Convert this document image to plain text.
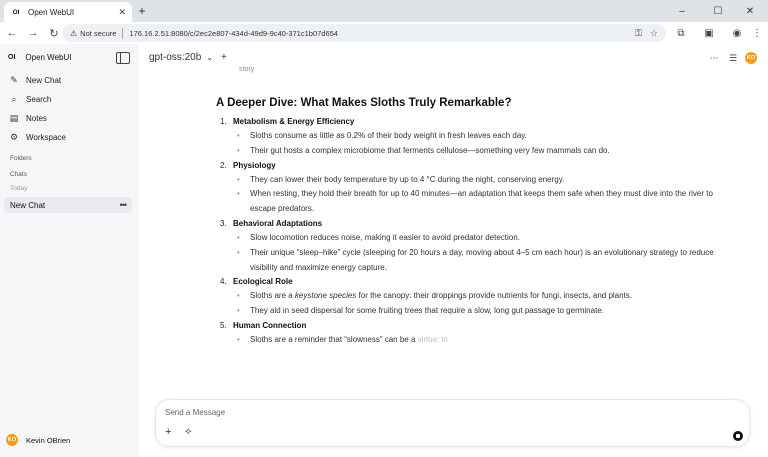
OI	Open WebUI	✕	+	–	☐	✕
← → ↻	⚠ Not secure 176.16.2.51:8080/c/2ec2e807-434d-49d9-9c40-371c1b07d654	⚿ ☆	⧉	▣	◉	⋮
OI Open WebUI
✎ New Chat
⌕	Search
▤ Notes
⚙ Workspace
Folders
Chats
Today
New Chat	•••
KO Kevin OBrien
gpt-oss:20b ⌄ +
story
⋯	☰	KO
A Deeper Dive: What Makes Sloths Truly Remarkable?
1. Metabolism & Energy Efficiency
• Sloths consume as little as 0.2% of their body weight in fresh leaves each day.
• Their gut hosts a complex microbiome that ferments cellulose—something very few mammals can do.
2. Physiology
• They can lower their body temperature by up to 4 °C during the night, conserving energy.
• When resting, they hold their breath for up to 40 minutes—an adaptation that keeps them safe when they must dive into the river to escape predators.
3. Behavioral Adaptations
• Slow locomotion reduces noise, making it easier to avoid predator detection.
• Their unique “sleep–hike” cycle (sleeping for 20 hours a day, moving about 4–5 cm each hour) is an evolutionary strategy to reduce visibility and maximize energy capture.
4. Ecological Role
• Sloths are a keystone species for the canopy: their droppings provide nutrients for fungi, insects, and plants.
• They aid in seed dispersal for some fruiting trees that require a slow, long gut passage to germinate.
5. Human Connection
• Sloths are a reminder that “slowness” can be a virtue: in
Send a Message
+ ⟡
